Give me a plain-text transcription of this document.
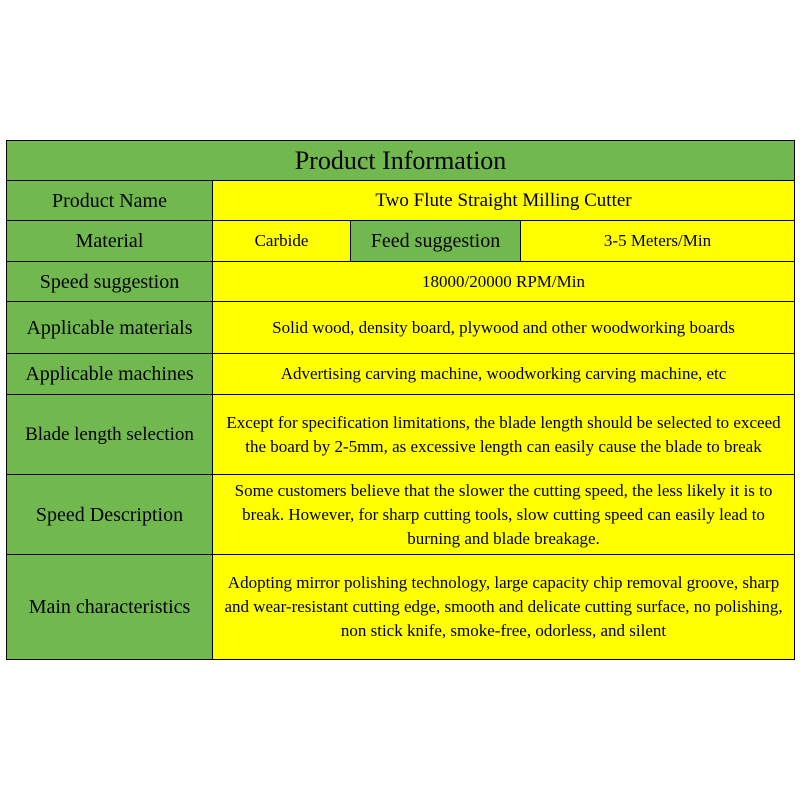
Product Information			
Product Name	Two Flute Straight Milling Cutter		
Material	Carbide	Feed suggestion	3-5 Meters/Min
Speed suggestion	18000/20000 RPM/Min		
Applicable materials	Solid wood, density board, plywood and other woodworking boards		
Applicable machines	Advertising carving machine, woodworking carving machine, etc		
Blade length selection	Except for specification limitations, the blade length should be selected to exceed the board by 2-5mm, as excessive length can easily cause the blade to break		
Speed Description	Some customers believe that the slower the cutting speed, the less likely it is to break. However, for sharp cutting tools, slow cutting speed can easily lead to burning and blade breakage.		
Main characteristics	Adopting mirror polishing technology, large capacity chip removal groove, sharp and wear-resistant cutting edge, smooth and delicate cutting surface, no polishing, non stick knife, smoke-free, odorless, and silent		
